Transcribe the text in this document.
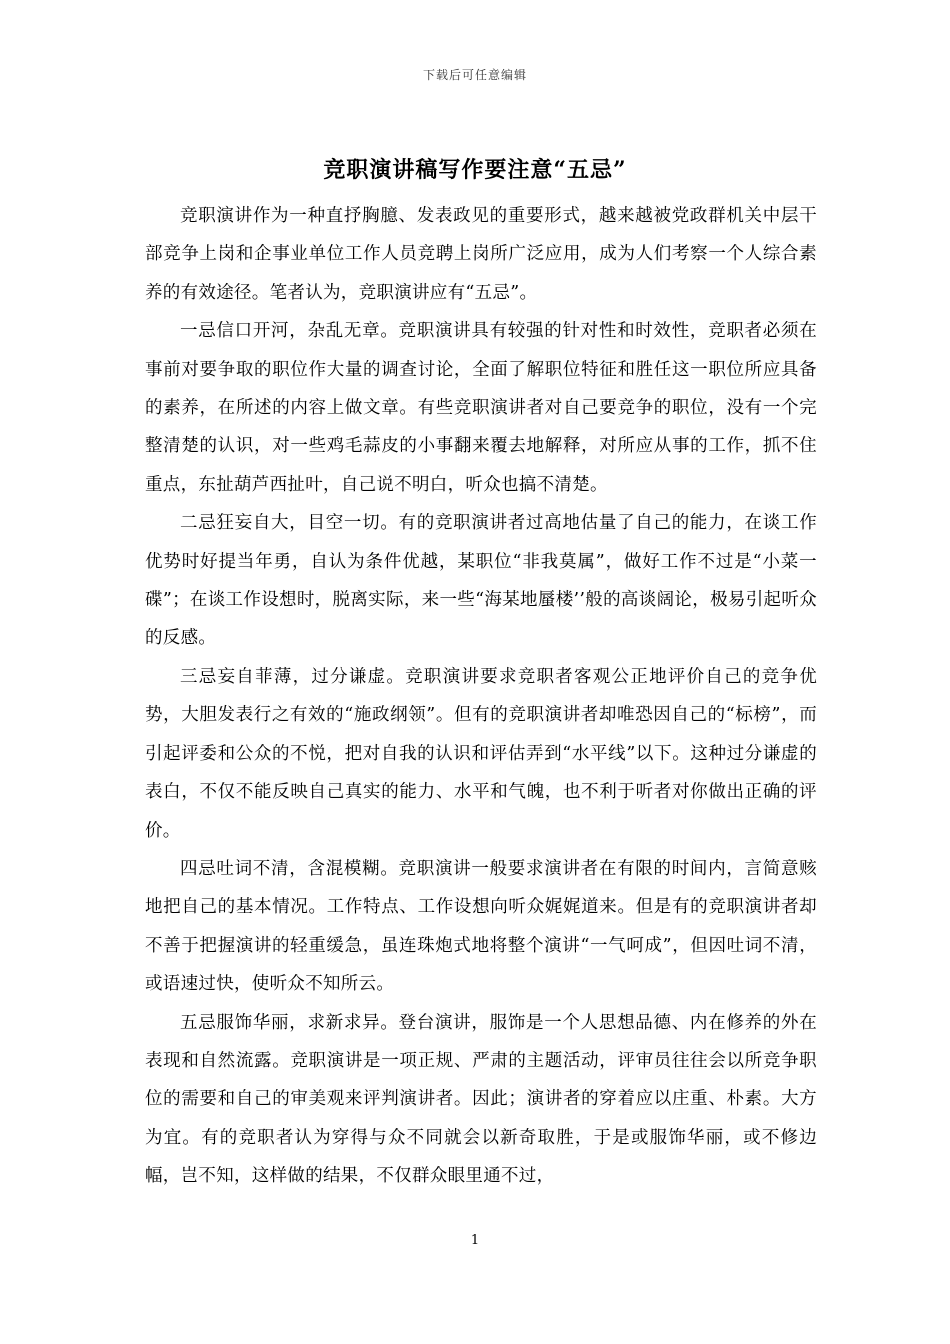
下载后可任意编辑
竞职演讲稿写作要注意“五忌”

竞职演讲作为一种直抒胸臆、发表政见的重要形式，越来越被党政群机关中层干部竞争上岗和企事业单位工作人员竞聘上岗所广泛应用，成为人们考察一个人综合素养的有效途径。笔者认为，竞职演讲应有“五忌”。

一忌信口开河，杂乱无章。竞职演讲具有较强的针对性和时效性，竞职者必须在事前对要争取的职位作大量的调查讨论，全面了解职位特征和胜任这一职位所应具备的素养，在所述的内容上做文章。有些竞职演讲者对自己要竞争的职位，没有一个完整清楚的认识，对一些鸡毛蒜皮的小事翻来覆去地解释，对所应从事的工作，抓不住重点，东扯葫芦西扯叶，自己说不明白，听众也搞不清楚。

二忌狂妄自大，目空一切。有的竞职演讲者过高地估量了自己的能力，在谈工作优势时好提当年勇，自认为条件优越，某职位“非我莫属”，做好工作不过是“小菜一碟”；在谈工作设想时，脱离实际，来一些“海某地蜃楼’’般的高谈阔论，极易引起听众的反感。

三忌妄自菲薄，过分谦虚。竞职演讲要求竞职者客观公正地评价自己的竞争优势，大胆发表行之有效的“施政纲领”。但有的竞职演讲者却唯恐因自己的“标榜”，而引起评委和公众的不悦，把对自我的认识和评估弄到“水平线”以下。这种过分谦虚的表白，不仅不能反映自己真实的能力、水平和气魄，也不利于听者对你做出正确的评价。

四忌吐词不清，含混模糊。竞职演讲一般要求演讲者在有限的时间内，言简意赅地把自己的基本情况。工作特点、工作设想向听众娓娓道来。但是有的竞职演讲者却不善于把握演讲的轻重缓急，虽连珠炮式地将整个演讲“一气呵成”，但因吐词不清，或语速过快，使听众不知所云。

五忌服饰华丽，求新求异。登台演讲，服饰是一个人思想品德、内在修养的外在表现和自然流露。竞职演讲是一项正规、严肃的主题活动，评审员往往会以所竞争职位的需要和自己的审美观来评判演讲者。因此；演讲者的穿着应以庄重、朴素。大方为宜。有的竞职者认为穿得与众不同就会以新奇取胜，于是或服饰华丽，或不修边幅，岂不知，这样做的结果，不仅群众眼里通不过，

1
